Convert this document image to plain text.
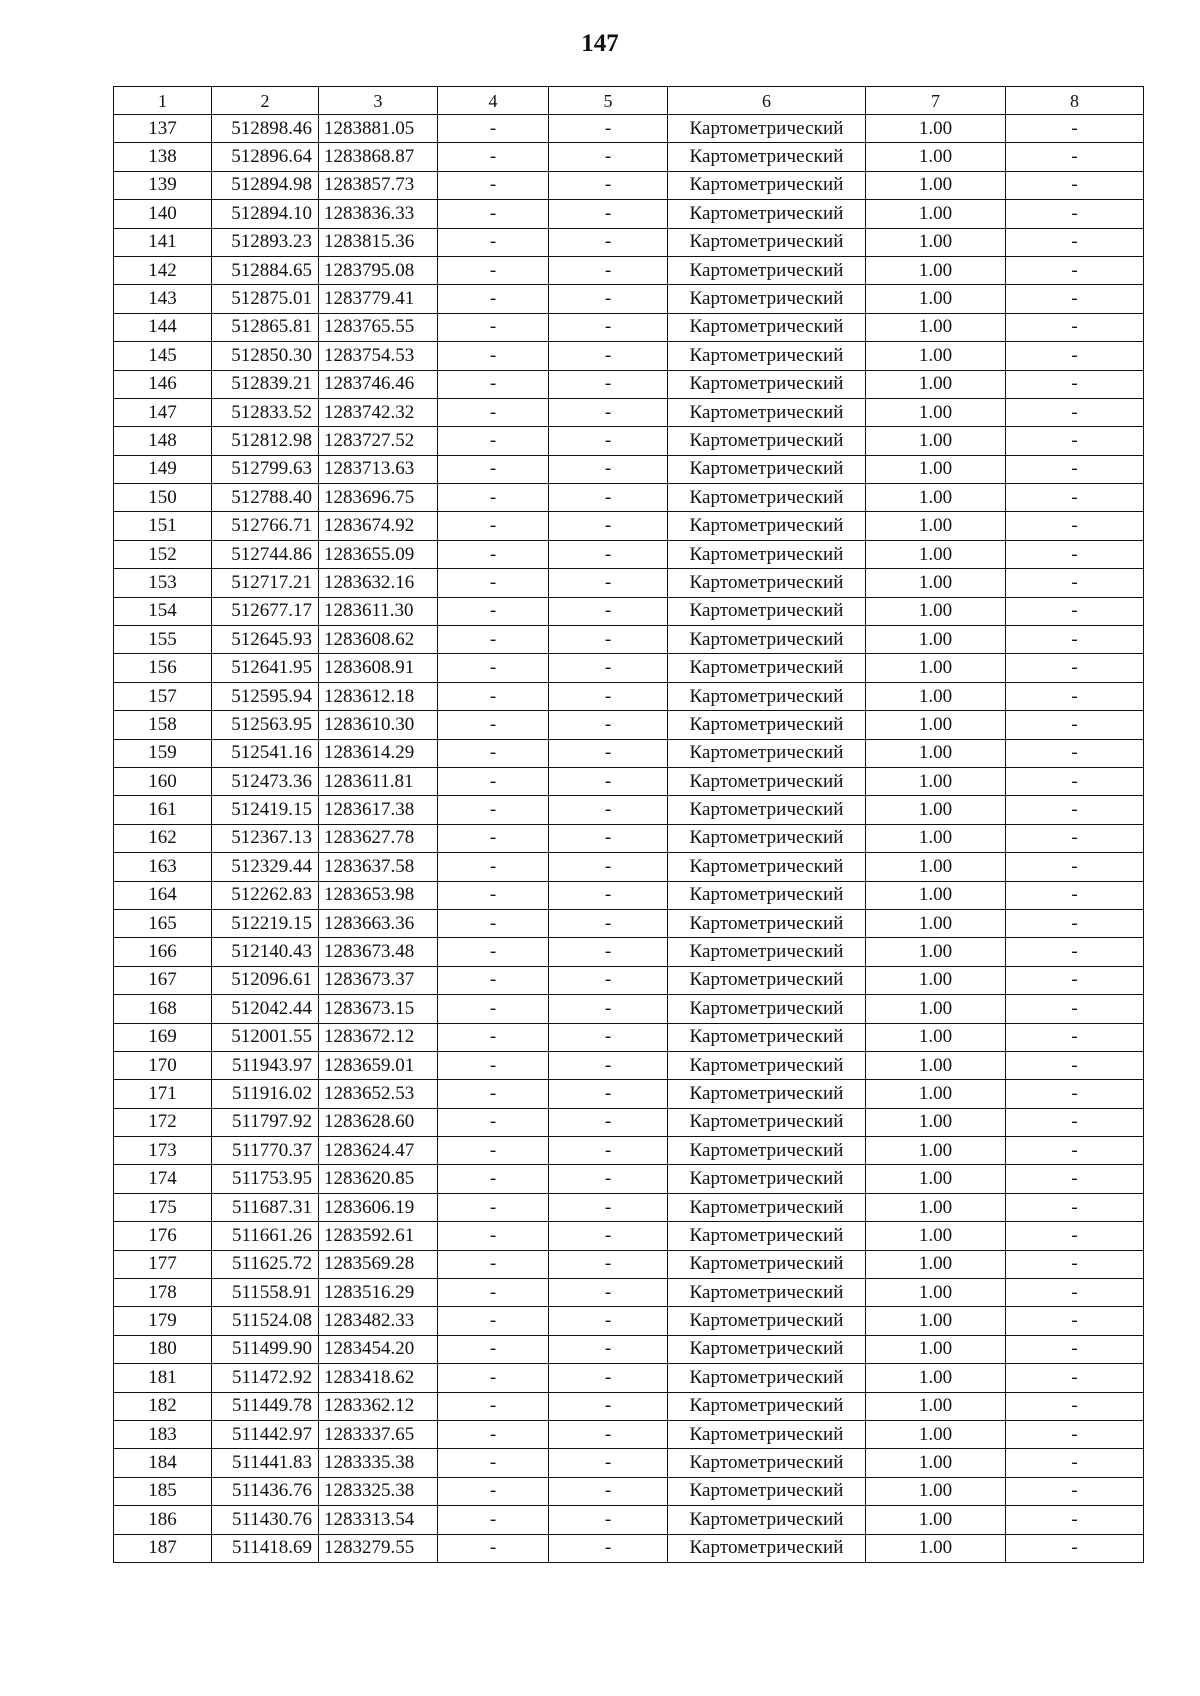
147
1	2	3	4	5	6	7	8
137	512898.46	1283881.05	-	-	Картометрический	1.00	-
138	512896.64	1283868.87	-	-	Картометрический	1.00	-
139	512894.98	1283857.73	-	-	Картометрический	1.00	-
140	512894.10	1283836.33	-	-	Картометрический	1.00	-
141	512893.23	1283815.36	-	-	Картометрический	1.00	-
142	512884.65	1283795.08	-	-	Картометрический	1.00	-
143	512875.01	1283779.41	-	-	Картометрический	1.00	-
144	512865.81	1283765.55	-	-	Картометрический	1.00	-
145	512850.30	1283754.53	-	-	Картометрический	1.00	-
146	512839.21	1283746.46	-	-	Картометрический	1.00	-
147	512833.52	1283742.32	-	-	Картометрический	1.00	-
148	512812.98	1283727.52	-	-	Картометрический	1.00	-
149	512799.63	1283713.63	-	-	Картометрический	1.00	-
150	512788.40	1283696.75	-	-	Картометрический	1.00	-
151	512766.71	1283674.92	-	-	Картометрический	1.00	-
152	512744.86	1283655.09	-	-	Картометрический	1.00	-
153	512717.21	1283632.16	-	-	Картометрический	1.00	-
154	512677.17	1283611.30	-	-	Картометрический	1.00	-
155	512645.93	1283608.62	-	-	Картометрический	1.00	-
156	512641.95	1283608.91	-	-	Картометрический	1.00	-
157	512595.94	1283612.18	-	-	Картометрический	1.00	-
158	512563.95	1283610.30	-	-	Картометрический	1.00	-
159	512541.16	1283614.29	-	-	Картометрический	1.00	-
160	512473.36	1283611.81	-	-	Картометрический	1.00	-
161	512419.15	1283617.38	-	-	Картометрический	1.00	-
162	512367.13	1283627.78	-	-	Картометрический	1.00	-
163	512329.44	1283637.58	-	-	Картометрический	1.00	-
164	512262.83	1283653.98	-	-	Картометрический	1.00	-
165	512219.15	1283663.36	-	-	Картометрический	1.00	-
166	512140.43	1283673.48	-	-	Картометрический	1.00	-
167	512096.61	1283673.37	-	-	Картометрический	1.00	-
168	512042.44	1283673.15	-	-	Картометрический	1.00	-
169	512001.55	1283672.12	-	-	Картометрический	1.00	-
170	511943.97	1283659.01	-	-	Картометрический	1.00	-
171	511916.02	1283652.53	-	-	Картометрический	1.00	-
172	511797.92	1283628.60	-	-	Картометрический	1.00	-
173	511770.37	1283624.47	-	-	Картометрический	1.00	-
174	511753.95	1283620.85	-	-	Картометрический	1.00	-
175	511687.31	1283606.19	-	-	Картометрический	1.00	-
176	511661.26	1283592.61	-	-	Картометрический	1.00	-
177	511625.72	1283569.28	-	-	Картометрический	1.00	-
178	511558.91	1283516.29	-	-	Картометрический	1.00	-
179	511524.08	1283482.33	-	-	Картометрический	1.00	-
180	511499.90	1283454.20	-	-	Картометрический	1.00	-
181	511472.92	1283418.62	-	-	Картометрический	1.00	-
182	511449.78	1283362.12	-	-	Картометрический	1.00	-
183	511442.97	1283337.65	-	-	Картометрический	1.00	-
184	511441.83	1283335.38	-	-	Картометрический	1.00	-
185	511436.76	1283325.38	-	-	Картометрический	1.00	-
186	511430.76	1283313.54	-	-	Картометрический	1.00	-
187	511418.69	1283279.55	-	-	Картометрический	1.00	-
